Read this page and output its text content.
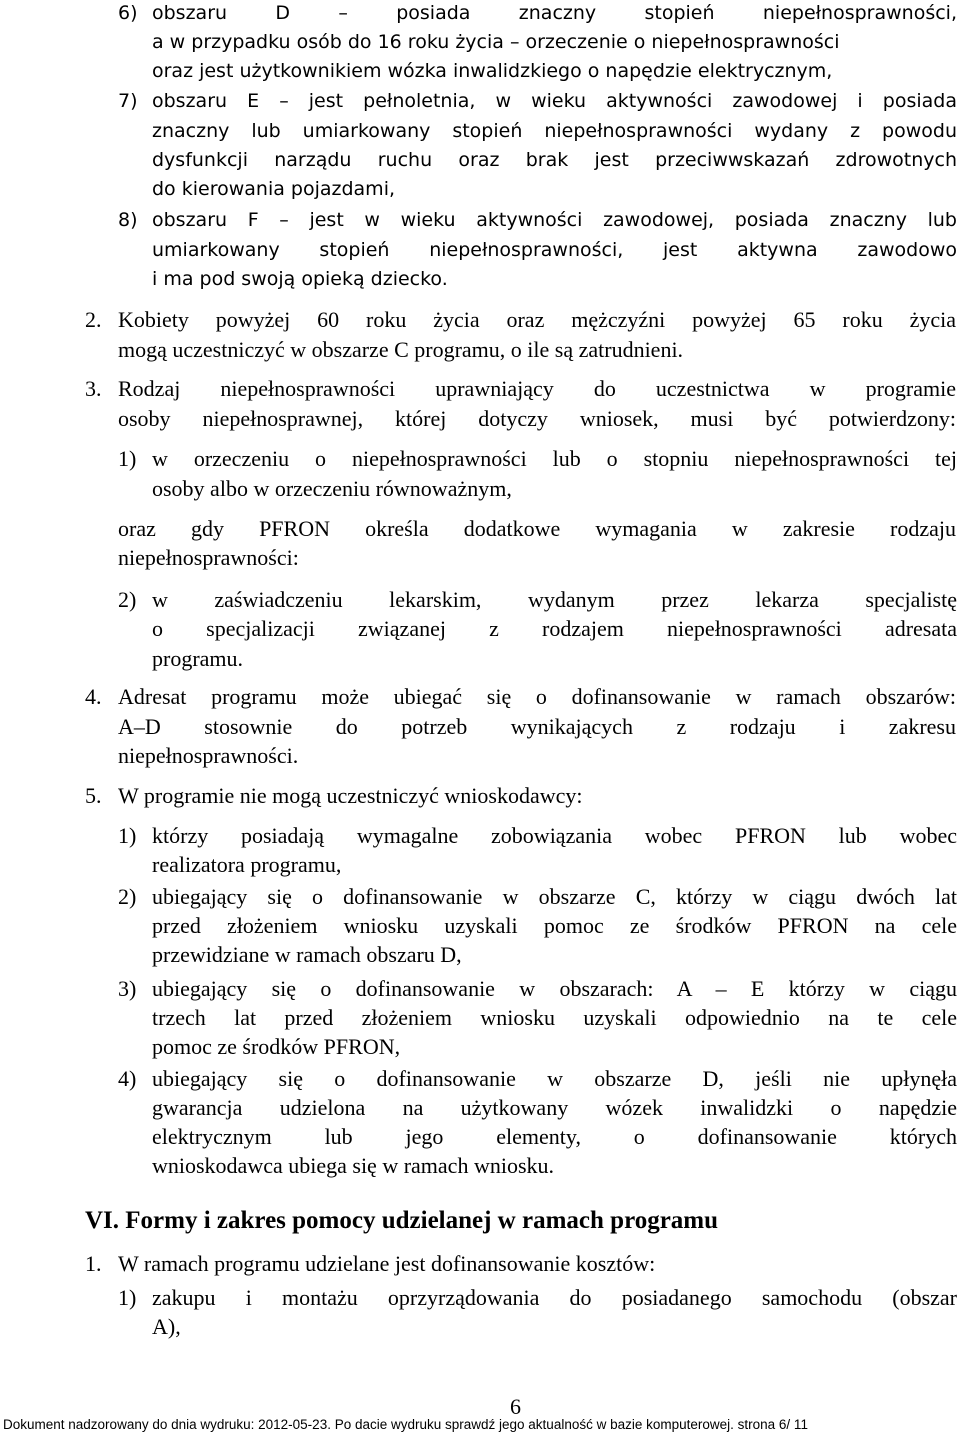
6) obszaru D – posiada znaczny stopień niepełnosprawności,
a w przypadku osób do 16 roku życia – orzeczenie o niepełnosprawności
oraz jest użytkownikiem wózka inwalidzkiego o napędzie elektrycznym,
7) obszaru E – jest pełnoletnia, w wieku aktywności zawodowej i posiada
znaczny lub umiarkowany stopień niepełnosprawności wydany z powodu
dysfunkcji narządu ruchu oraz brak jest przeciwwskazań zdrowotnych
do kierowania pojazdami,
8) obszaru F – jest w wieku aktywności zawodowej, posiada znaczny lub
umiarkowany stopień niepełnosprawności, jest aktywna zawodowo
i ma pod swoją opieką dziecko.
2. Kobiety powyżej 60 roku życia oraz mężczyźni powyżej 65 roku życia
mogą uczestniczyć w obszarze C programu, o ile są zatrudnieni.
3. Rodzaj niepełnosprawności uprawniający do uczestnictwa w programie
osoby niepełnosprawnej, której dotyczy wniosek, musi być potwierdzony:
1) w orzeczeniu o niepełnosprawności lub o stopniu niepełnosprawności tej
osoby albo w orzeczeniu równoważnym,
oraz gdy PFRON określa dodatkowe wymagania w zakresie rodzaju
niepełnosprawności:
2) w zaświadczeniu lekarskim, wydanym przez lekarza specjalistę
o specjalizacji związanej z rodzajem niepełnosprawności adresata
programu.
4. Adresat programu może ubiegać się o dofinansowanie w ramach obszarów:
A–D stosownie do potrzeb wynikających z rodzaju i zakresu
niepełnosprawności.
5. W programie nie mogą uczestniczyć wnioskodawcy:
1) którzy posiadają wymagalne zobowiązania wobec PFRON lub wobec
realizatora programu,
2) ubiegający się o dofinansowanie w obszarze C, którzy w ciągu dwóch lat
przed złożeniem wniosku uzyskali pomoc ze środków PFRON na cele
przewidziane w ramach obszaru D,
3) ubiegający się o dofinansowanie w obszarach: A – E którzy w ciągu
trzech lat przed złożeniem wniosku uzyskali odpowiednio na te cele
pomoc ze środków PFRON,
4) ubiegający się o dofinansowanie w obszarze D, jeśli nie upłynęła
gwarancja udzielona na użytkowany wózek inwalidzki o napędzie
elektrycznym lub jego elementy, o dofinansowanie których
wnioskodawca ubiega się w ramach wniosku.
VI. Formy i zakres pomocy udzielanej w ramach programu
1. W ramach programu udzielane jest dofinansowanie kosztów:
1) zakupu i montażu oprzyrządowania do posiadanego samochodu (obszar
A),
6
Dokument nadzorowany do dnia wydruku: 2012-05-23. Po dacie wydruku sprawdź jego aktualność w bazie komputerowej. strona 6/ 11
